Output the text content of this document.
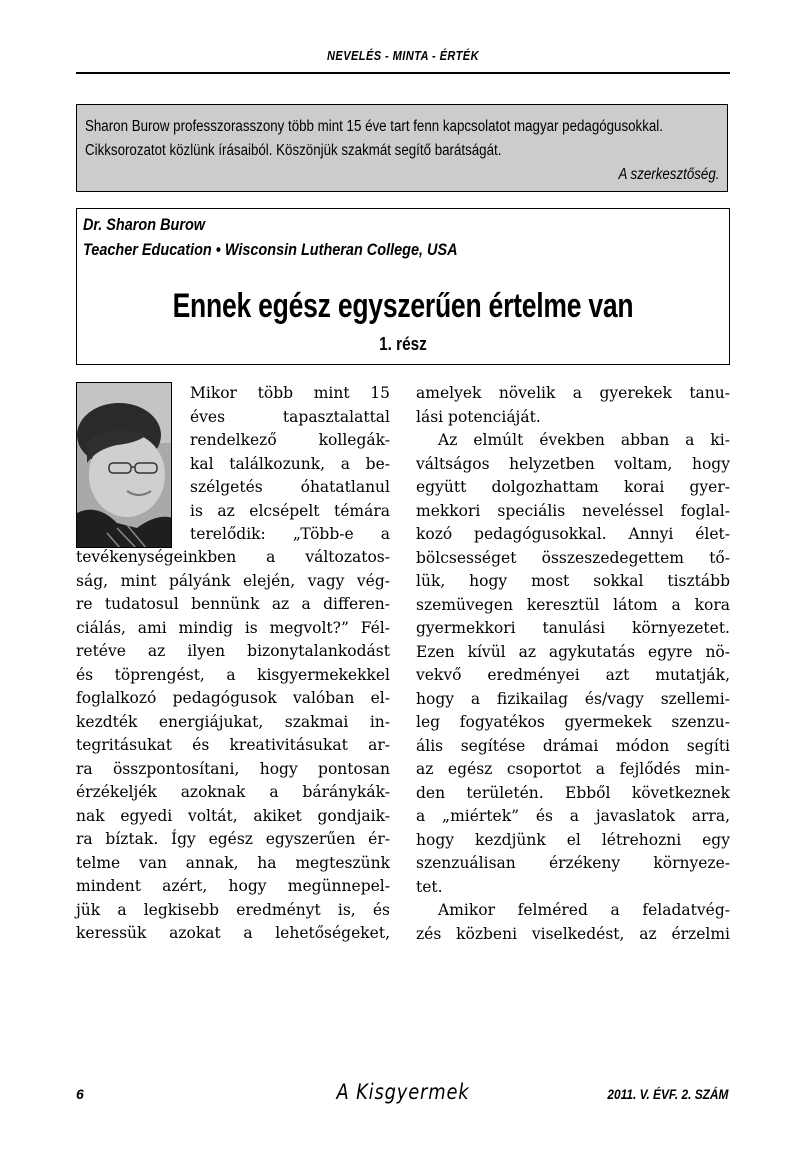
NEVELÉS - MINTA - ÉRTÉK
Sharon Burow professzorasszony több mint 15 éve tart fenn kapcsolatot magyar pedagógusokkal. Cikksorozatot közlünk írásaiból. Köszönjük szakmát segítő barátságát.
A szerkesztőség.
Dr. Sharon Burow
Teacher Education • Wisconsin Lutheran College, USA
Ennek egész egyszerűen értelme van
1. rész
Mikor több mint 15
éves tapasztalattal
rendelkező kollegák-
kal találkozunk, a be-
szélgetés óhatatlanul
is az elcsépelt témára
terelődik: „Több-e a
tevékenységeinkben a változatos-
ság, mint pályánk elején, vagy vég-
re tudatosul bennünk az a differen-
ciálás, ami mindig is megvolt?” Fél-
retéve az ilyen bizonytalankodást
és töprengést, a kisgyermekekkel
foglalkozó pedagógusok valóban el-
kezdték energiájukat, szakmai in-
tegritásukat és kreativitásukat ar-
ra összpontosítani, hogy pontosan
érzékeljék azoknak a báránykák-
nak egyedi voltát, akiket gondjaik-
ra bíztak. Így egész egyszerűen ér-
telme van annak, ha megteszünk
mindent azért, hogy megünnepel-
jük a legkisebb eredményt is, és
keressük azokat a lehetőségeket,
amelyek növelik a gyerekek tanu-
lási potenciáját.
Az elmúlt években abban a ki-
váltságos helyzetben voltam, hogy
együtt dolgozhattam korai gyer-
mekkori speciális neveléssel foglal-
kozó pedagógusokkal. Annyi élet-
bölcsességet összeszedegettem tő-
lük, hogy most sokkal tisztább
szemüvegen keresztül látom a kora
gyermekkori tanulási környezetet.
Ezen kívül az agykutatás egyre nö-
vekvő eredményei azt mutatják,
hogy a fizikailag és/vagy szellemi-
leg fogyatékos gyermekek szenzu-
ális segítése drámai módon segíti
az egész csoportot a fejlődés min-
den területén. Ebből következnek
a „miértek” és a javaslatok arra,
hogy kezdjünk el létrehozni egy
szenzuálisan érzékeny környeze-
tet.
Amikor felméred a feladatvég-
zés közbeni viselkedést, az érzelmi
6	A Kisgyermek	2011. V. ÉVF. 2. SZÁM
